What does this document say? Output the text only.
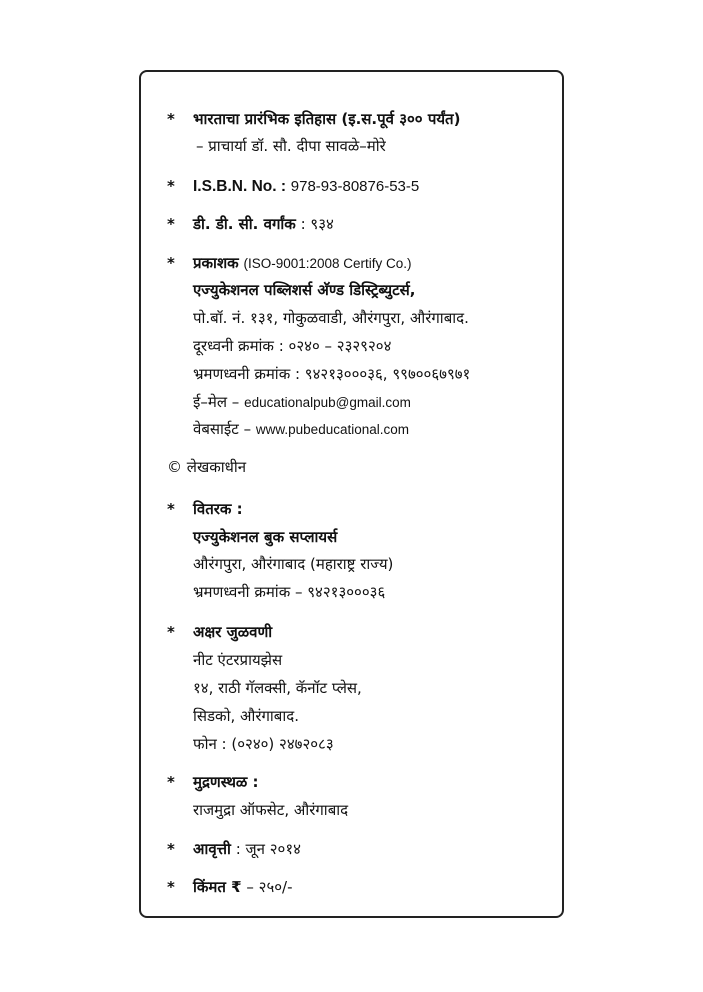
* भारताचा प्रारंभिक इतिहास (इ.स.पूर्व ३०० पर्यंत)
– प्राचार्या डॉ. सौ. दीपा सावळे–मोरे
* I.S.B.N. No. : 978-93-80876-53-5
* डी. डी. सी. वर्गांक : ९३४
* प्रकाशक (ISO-9001:2008 Certify Co.)
एज्युकेशनल पब्लिशर्स अ‍ॅण्ड डिस्ट्रिब्युटर्स,
पो.बॉ. नं. १३१, गोकुळवाडी, औरंगपुरा, औरंगाबाद.
दूरध्वनी क्रमांक : ०२४० – २३२९२०४
भ्रमणध्वनी क्रमांक : ९४२१३०००३६, ९९७००६७९७१
ई–मेल – educationalpub@gmail.com
वेबसाईट – www.pubeducational.com
© लेखकाधीन
* वितरक :
एज्युकेशनल बुक सप्लायर्स
औरंगपुरा, औरंगाबाद (महाराष्ट्र राज्य)
भ्रमणध्वनी क्रमांक – ९४२१३०००३६
* अक्षर जुळवणी
नीट एंटरप्रायझेस
१४, राठी गॅलक्सी, कॅनॉट प्लेस,
सिडको, औरंगाबाद.
फोन : (०२४०) २४७२०८३
* मुद्रणस्थळ :
राजमुद्रा ऑफसेट, औरंगाबाद
* आवृत्ती : जून २०१४
* किंमत ₹ – २५०/-
